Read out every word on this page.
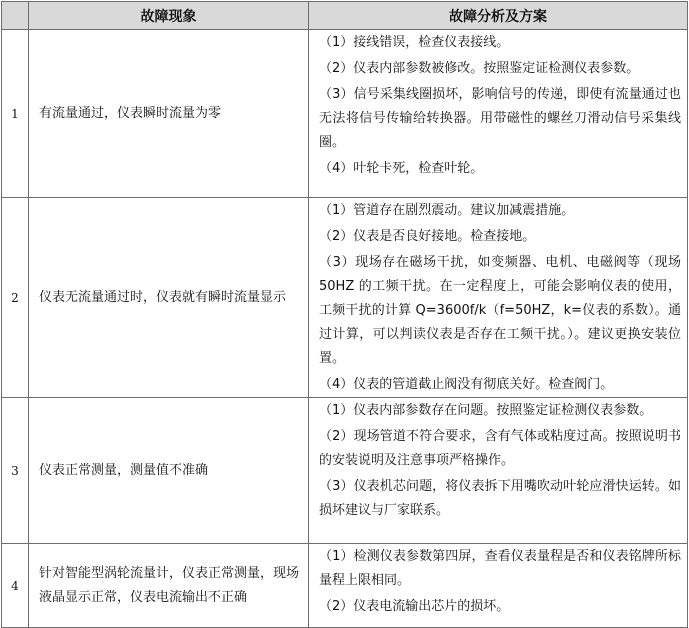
	故障现象	故障分析及方案
1	有流量通过，仪表瞬时流量为零	（1）接线错误，检查仪表接线。

（2）仪表内部参数被修改。按照鉴定证检测仪表参数。

（3）信号采集线圈损坏，影响信号的传递，即使有流量通过也无法将信号传输给转换器。用带磁性的螺丝刀滑动信号采集线圈。

（4）叶轮卡死，检查叶轮。

2	仪表无流量通过时，仪表就有瞬时流量显示	（1）管道存在剧烈震动。建议加减震措施。

（2）仪表是否良好接地。检查接地。

（3）现场存在磁场干扰，如变频器、电机、电磁阀等（现场 50HZ 的工频干扰。在一定程度上，可能会影响仪表的使用，工频干扰的计算 Q=3600f/k（f=50HZ，k=仪表的系数）。通过计算，可以判读仪表是否存在工频干扰。）。建议更换安装位置。

（4）仪表的管道截止阀没有彻底关好。检查阀门。

3	仪表正常测量，测量值不准确	（1）仪表内部参数存在问题。按照鉴定证检测仪表参数。

（2）现场管道不符合要求，含有气体或粘度过高。按照说明书的安装说明及注意事项严格操作。

（3）仪表机芯问题，将仪表拆下用嘴吹动叶轮应滑快运转。如损坏建议与厂家联系。

4	针对智能型涡轮流量计，仪表正常测量，现场液晶显示正常，仪表电流输出不正确	（1）检测仪表参数第四屏，查看仪表量程是否和仪表铭牌所标量程上限相同。

（2）仪表电流输出芯片的损坏。
